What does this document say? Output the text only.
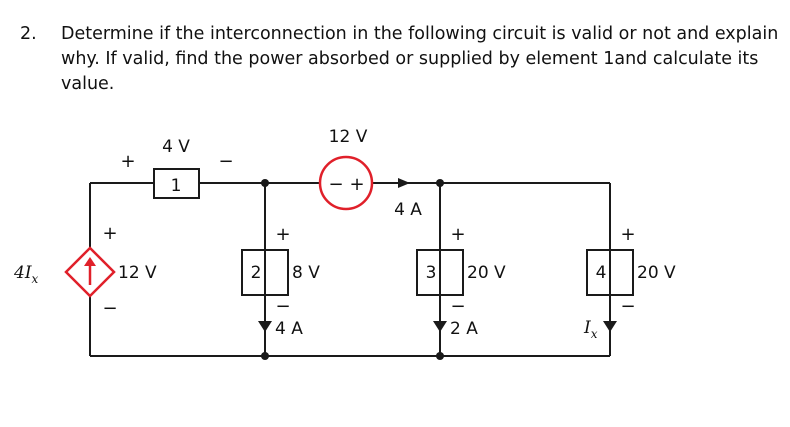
2.	Determine if the interconnection in the following circuit is valid or not and explain why. If valid, find the power absorbed or supplied by element 1and calculate its value.
4 V
+	−
1
12 V
− +
4 A
$4I_x$	12 V
+
−
+
2 8 V
−
4 A
+
3 20 V
−
2 A
+
4 20 V
−
$I_x$
